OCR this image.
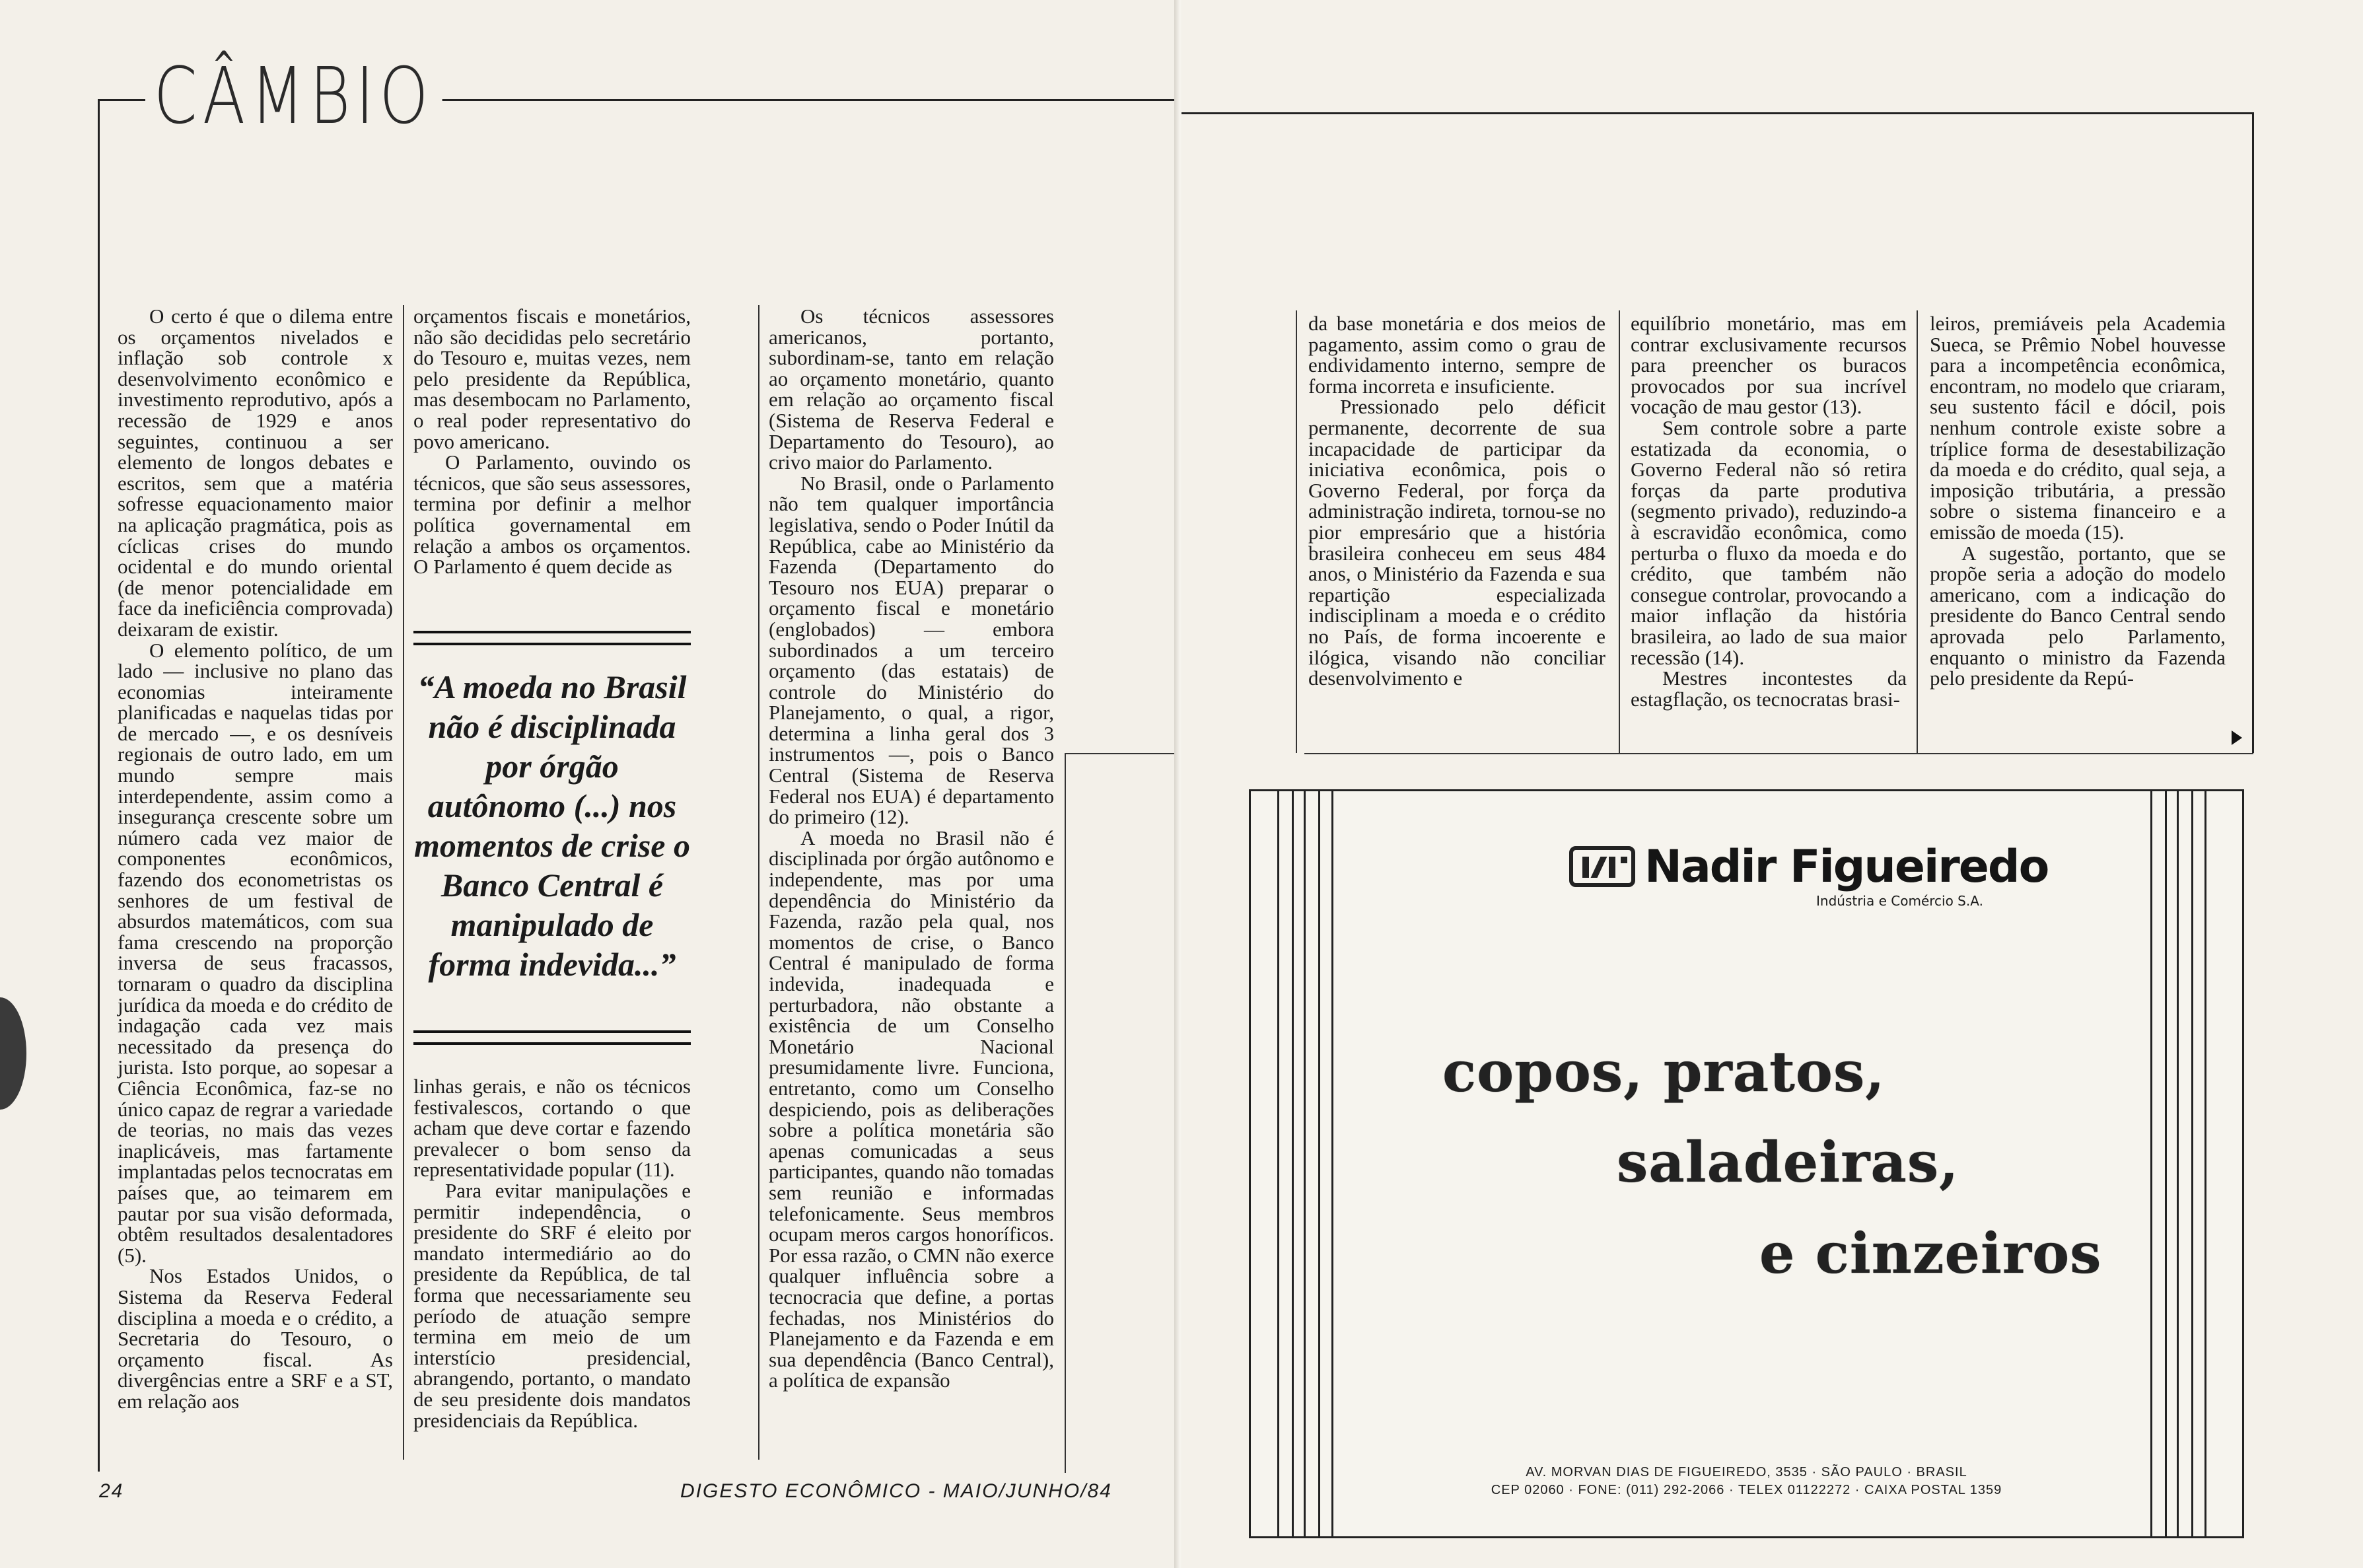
CÂMBIO

O certo é que o dilema entre os orçamentos nivelados e inflação sob controle x desenvolvimento econômico e investimento reprodutivo, após a recessão de 1929 e anos seguintes, continuou a ser elemento de longos debates e escritos, sem que a matéria sofresse equacionamento maior na aplicação pragmática, pois as cíclicas crises do mundo ocidental e do mundo oriental (de menor potencialidade em face da ineficiência comprovada) deixaram de existir.

O elemento político, de um lado — inclusive no plano das economias inteiramente planificadas e naquelas tidas por de mercado —, e os desníveis regionais de outro lado, em um mundo sempre mais interdependente, assim como a insegurança crescente sobre um número cada vez maior de componentes econômicos, fazendo dos econometristas os senhores de um festival de absurdos matemáticos, com sua fama crescendo na proporção inversa de seus fracassos, tornaram o quadro da disciplina jurídica da moeda e do crédito de indagação cada vez mais necessitado da presença do jurista. Isto porque, ao sopesar a Ciência Econômica, faz-se no único capaz de regrar a variedade de teorias, no mais das vezes inaplicáveis, mas fartamente implantadas pelos tecnocratas em países que, ao teimarem em pautar por sua visão deformada, obtêm resultados desalentadores (5).

Nos Estados Unidos, o Sistema da Reserva Federal disciplina a moeda e o crédito, a Secretaria do Tesouro, o orçamento fiscal. As divergências entre a SRF e a ST, em relação aos

orçamentos fiscais e monetários, não são decididas pelo secretário do Tesouro e, muitas vezes, nem pelo presidente da República, mas desembocam no Parlamento, o real poder representativo do povo americano.

O Parlamento, ouvindo os técnicos, que são seus assessores, termina por definir a melhor política governamental em relação a ambos os orçamentos. O Parlamento é quem decide as

“A moeda no Brasil não é disciplinada por órgão autônomo (...) nos momentos de crise o Banco Central é manipulado de forma indevida...”

linhas gerais, e não os técnicos festivalescos, cortando o que acham que deve cortar e fazendo prevalecer o bom senso da representatividade popular (11).

Para evitar manipulações e permitir independência, o presidente do SRF é eleito por mandato intermediário ao do presidente da República, de tal forma que necessariamente seu período de atuação sempre termina em meio de um interstício presidencial, abrangendo, portanto, o mandato de seu presidente dois mandatos presidenciais da República.

Os técnicos assessores americanos, portanto, subordinam-se, tanto em relação ao orçamento monetário, quanto em relação ao orçamento fiscal (Sistema de Reserva Federal e Departamento do Tesouro), ao crivo maior do Parlamento.

No Brasil, onde o Parlamento não tem qualquer importância legislativa, sendo o Poder Inútil da República, cabe ao Ministério da Fazenda (Departamento do Tesouro nos EUA) preparar o orçamento fiscal e monetário (englobados) — embora subordinados a um terceiro orçamento (das estatais) de controle do Ministério do Planejamento, o qual, a rigor, determina a linha geral dos 3 instrumentos —, pois o Banco Central (Sistema de Reserva Federal nos EUA) é departamento do primeiro (12).

A moeda no Brasil não é disciplinada por órgão autônomo e independente, mas por uma dependência do Ministério da Fazenda, razão pela qual, nos momentos de crise, o Banco Central é manipulado de forma indevida, inadequada e perturbadora, não obstante a existência de um Conselho Monetário Nacional presumidamente livre. Funciona, entretanto, como um Conselho despiciendo, pois as deliberações sobre a política monetária são apenas comunicadas a seus participantes, quando não tomadas sem reunião e informadas telefonicamente. Seus membros ocupam meros cargos honoríficos. Por essa razão, o CMN não exerce qualquer influência sobre a tecnocracia que define, a portas fechadas, nos Ministérios do Planejamento e da Fazenda e em sua dependência (Banco Central), a política de expansão

24	DIGESTO ECONÔMICO - MAIO/JUNHO/84

da base monetária e dos meios de pagamento, assim como o grau de endividamento interno, sempre de forma incorreta e insuficiente.

Pressionado pelo déficit permanente, decorrente de sua incapacidade de participar da iniciativa econômica, pois o Governo Federal, por força da administração indireta, tornou-se no pior empresário que a história brasileira conheceu em seus 484 anos, o Ministério da Fazenda e sua repartição especializada indisciplinam a moeda e o crédito no País, de forma incoerente e ilógica, visando não conciliar desenvolvimento e

equilíbrio monetário, mas em contrar exclusivamente recursos para preencher os buracos provocados por sua incrível vocação de mau gestor (13).

Sem controle sobre a parte estatizada da economia, o Governo Federal não só retira forças da parte produtiva (segmento privado), reduzindo-a à escravidão econômica, como perturba o fluxo da moeda e do crédito, que também não consegue controlar, provocando a maior inflação da história brasileira, ao lado de sua maior recessão (14).

Mestres incontestes da estagflação, os tecnocratas brasi-

leiros, premiáveis pela Academia Sueca, se Prêmio Nobel houvesse para a incompetência econômica, encontram, no modelo que criaram, seu sustento fácil e dócil, pois nenhum controle existe sobre a tríplice forma de desestabilização da moeda e do crédito, qual seja, a imposição tributária, a pressão sobre o sistema financeiro e a emissão de moeda (15).

A sugestão, portanto, que se propõe seria a adoção do modelo americano, com a indicação do presidente do Banco Central sendo aprovada pelo Parlamento, enquanto o ministro da Fazenda pelo presidente da Repú-

Nadir Figueiredo
Indústria e Comércio S.A.
copos, pratos,
saladeiras,
e cinzeiros
AV. MORVAN DIAS DE FIGUEIREDO, 3535 · SÃO PAULO · BRASIL
CEP 02060 · FONE: (011) 292-2066 · TELEX 01122272 · CAIXA POSTAL 1359
